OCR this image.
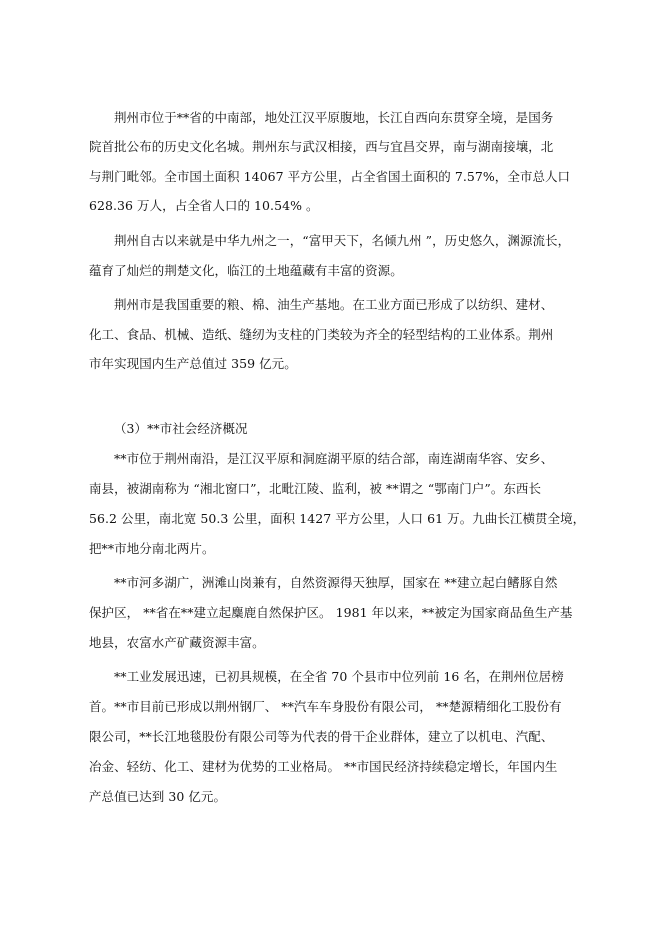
荆州市位于**省的中南部，地处江汉平原腹地，长江自西向东贯穿全境，是国务
院首批公布的历史文化名城。荆州东与武汉相接，西与宜昌交界，南与湖南接壤，北
与荆门毗邻。全市国土面积 14067 平方公里，占全省国土面积的 7.57%，全市总人口
628.36 万人，占全省人口的 10.54% 。
荆州自古以来就是中华九州之一，“富甲天下，名倾九州 ”，历史悠久，渊源流长，
蕴育了灿烂的荆楚文化，临江的土地蕴藏有丰富的资源。
荆州市是我国重要的粮、棉、油生产基地。在工业方面已形成了以纺织、建材、
化工、食品、机械、造纸、缝纫为支柱的门类较为齐全的轻型结构的工业体系。荆州
市年实现国内生产总值过 359 亿元。
（3）**市社会经济概况
**市位于荆州南沿，是江汉平原和洞庭湖平原的结合部，南连湖南华容、安乡、
南县，被湖南称为 “湘北窗口”，北毗江陵、监利，被 **谓之 “鄂南门户”。东西长
56.2 公里，南北宽 50.3 公里，面积 1427 平方公里，人口 61 万。九曲长江横贯全境，
把**市地分南北两片。
**市河多湖广，洲滩山岗兼有，自然资源得天独厚，国家在 **建立起白鳍豚自然
保护区， **省在**建立起麋鹿自然保护区。 1981 年以来，**被定为国家商品鱼生产基
地县，农富水产矿藏资源丰富。
**工业发展迅速，已初具规模，在全省 70 个县市中位列前 16 名，在荆州位居榜
首。**市目前已形成以荆州钢厂、 **汽车车身股份有限公司， **楚源精细化工股份有
限公司，**长江地毯股份有限公司等为代表的骨干企业群体，建立了以机电、汽配、
冶金、轻纺、化工、建材为优势的工业格局。 **市国民经济持续稳定增长，年国内生
产总值已达到 30 亿元。
